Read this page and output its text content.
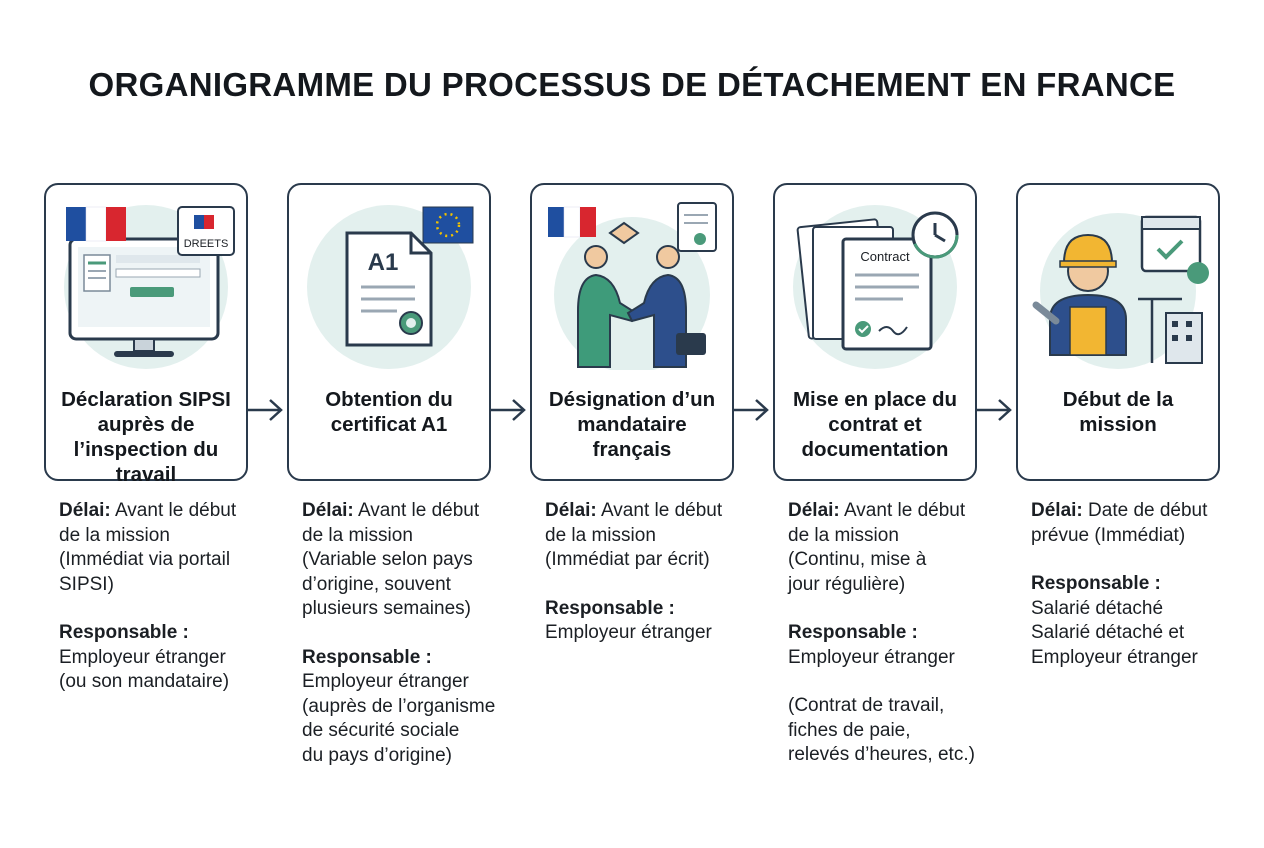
ORGANIGRAMME DU PROCESSUS DE DÉTACHEMENT EN FRANCE
DREETS
Déclaration SIPSI auprès de l’inspection du travail
A1
Obtention du certificat A1
Désignation d’un mandataire français
Contract
Mise en place du contrat et documentation
Début de la mission
Délai: Avant le début
de la mission
(Immédiat via portail
SIPSI)
Responsable :
Employeur étranger
(ou son mandataire)
Délai: Avant le début
de la mission
(Variable selon pays
d’origine, souvent
plusieurs semaines)
Responsable :
Employeur étranger
(auprès de l’organisme
de sécurité sociale
du pays d’origine)
Délai: Avant le début
de la mission
(Immédiat par écrit)
Responsable :
Employeur étranger
Délai: Avant le début
de la mission
(Continu, mise à
jour régulière)
Responsable :
Employeur étranger
(Contrat de travail,
fiches de paie,
relevés d’heures, etc.)
Délai: Date de début
prévue (Immédiat)
Responsable :
Salarié détaché
Salarié détaché et
Employeur étranger
